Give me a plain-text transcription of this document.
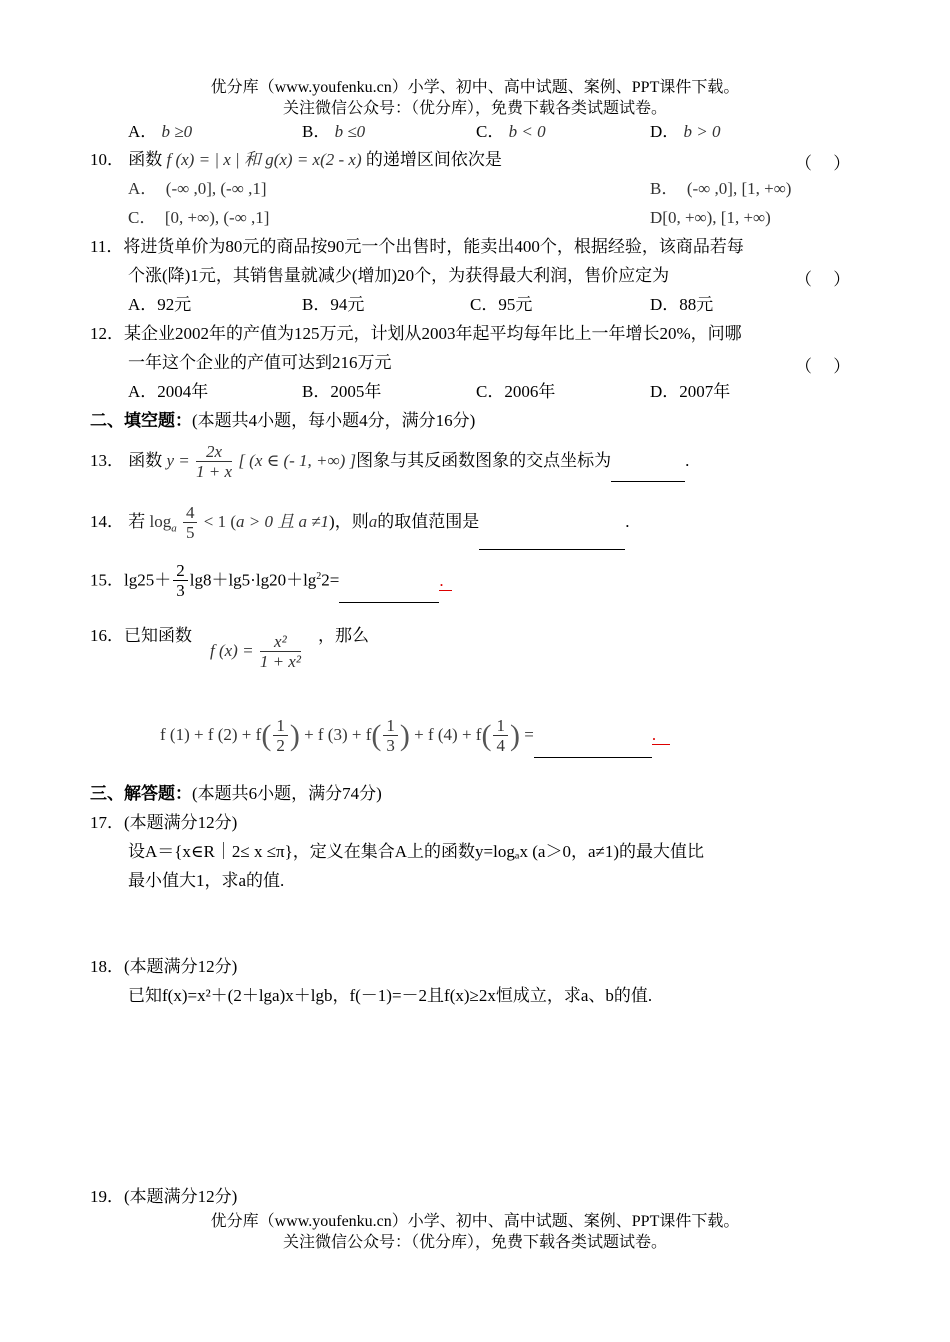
优分库（www.youfenku.cn）小学、初中、高中试题、案例、PPT课件下载。
关注微信公众号：（优分库），免费下载各类试题试卷。
A． b ≥0	B． b ≤0	C． b < 0	D． b > 0
10． 函数 f (x) = | x | 和 g(x) = x(2 - x) 的递增区间依次是	（　 ）
A．　(-∞ ,0], (-∞ ,1]	B．　(-∞ ,0], [1, +∞)
C．　[0, +∞), (-∞ ,1]	D[0, +∞), [1, +∞)
11．将进货单价为80元的商品按90元一个出售时，能卖出400个，根据经验，该商品若每
个涨(降)1元，其销售量就减少(增加)20个，为获得最大利润，售价应定为	（　 ）
A．92元	B．94元	C．95元	D．88元
12．某企业2002年的产值为125万元，计划从2003年起平均每年比上一年增长20%，问哪
一年这个企业的产值可达到216万元	（　 ）
A．2004年	B．2005年	C．2006年	D．2007年
二、填空题：(本题共4小题，每小题4分，满分16分)
13． 函数 $y = \frac{2x}{1 + x}$ [ (x ∈ (- 1, +∞) ]图象与其反函数图象的交点坐标为	.
14． 若 $\log_a \frac{4}{5} < 1$ (a > 0 且 a ≠1)，则a的取值范围是	.
15．$\lg 25+ \frac{2}{3} \lg 8+\lg 5\cdot\lg 20+\lg^22=$	.
16．已知函数
f $(x) = \frac{\text{x²}}{\text{1 + x²}}$ ，那么
f (1) + f $(2) + f( \frac{1}{2}$ ) + f $(3) + f( \frac{1}{3}$ ) + f $(4) + f( \frac{1}{4}$ ) =	.
三、解答题：(本题共6小题，满分74分)
17．(本题满分12分)
设A＝{x∈R｜2≤ x ≤π}，定义在集合A上的函数y=logₐx (a＞0，a≠1)的最大值比
最小值大1，求a的值.
18．(本题满分12分)
已知f(x)=x²＋(2＋lga)x＋lgb，f(－1)=－2且f(x)≥2x恒成立，求a、b的值.
19．(本题满分12分)
优分库（www.youfenku.cn）小学、初中、高中试题、案例、PPT课件下载。
关注微信公众号：（优分库），免费下载各类试题试卷。
